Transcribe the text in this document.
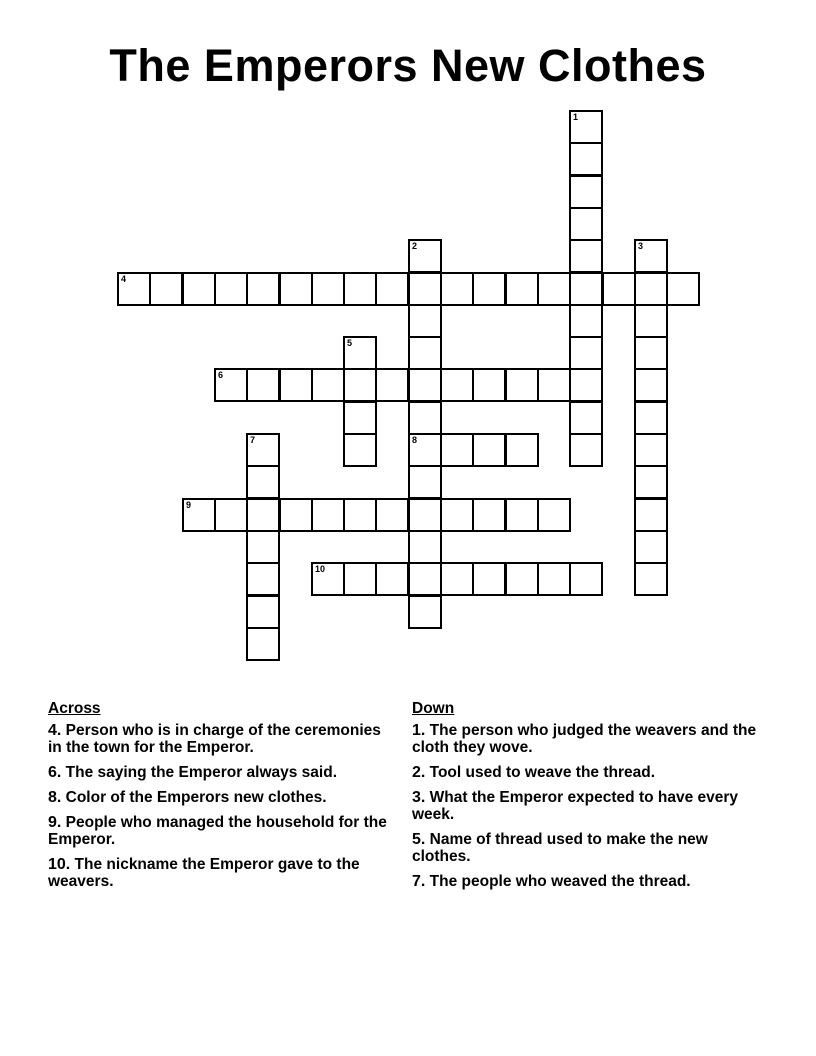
The Emperors New Clothes
1
2
8
3
4
5
6
7
9
10
Across
4. Person who is in charge of the ceremonies in the town for the Emperor.
6. The saying the Emperor always said.
8. Color of the Emperors new clothes.
9. People who managed the household for the Emperor.
10. The nickname the Emperor gave to the weavers.
Down
1. The person who judged the weavers and the cloth they wove.
2. Tool used to weave the thread.
3. What the Emperor expected to have every week.
5. Name of thread used to make the new clothes.
7. The people who weaved the thread.
